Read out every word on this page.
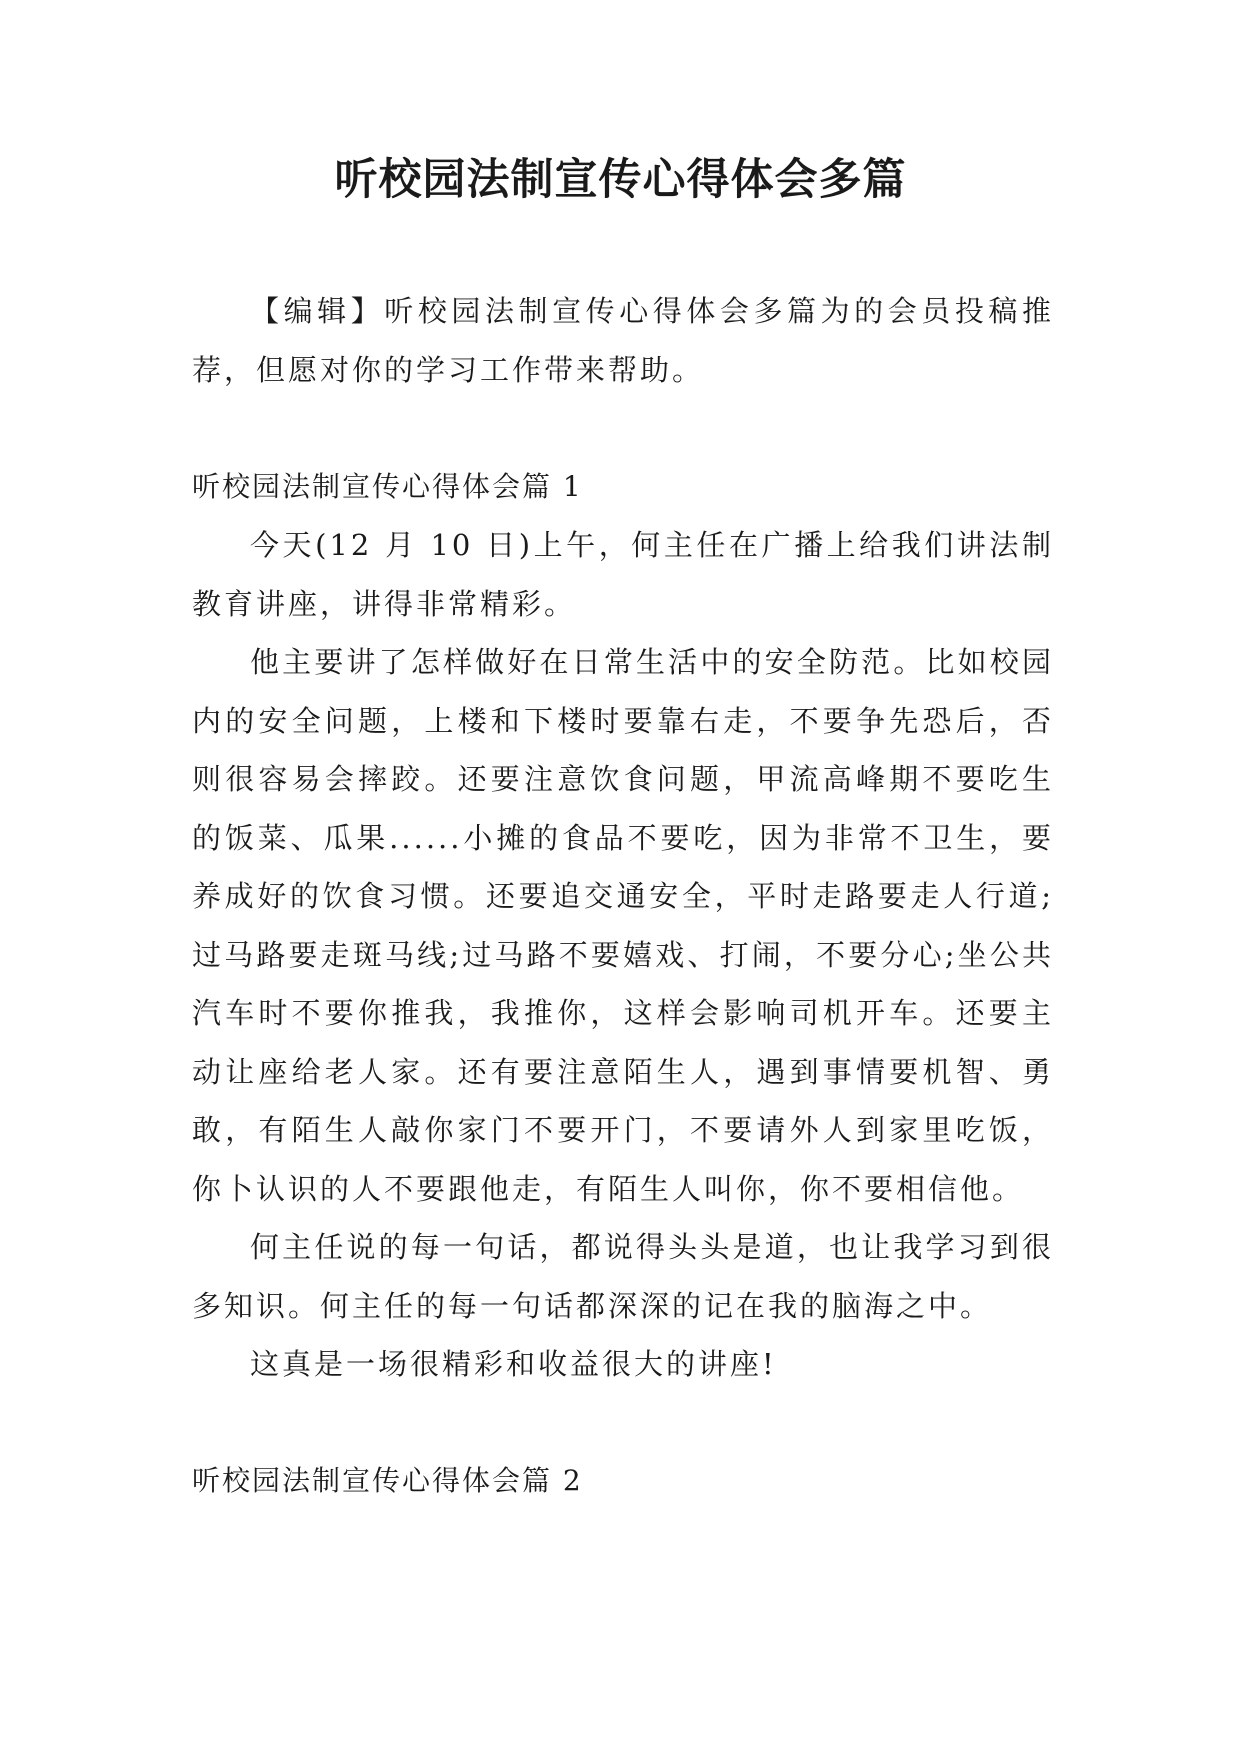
听校园法制宣传心得体会多篇

【编辑】听校园法制宣传心得体会多篇为的会员投稿推荐，但愿对你的学习工作带来帮助。

听校园法制宣传心得体会篇 1

今天(12 月 10 日)上午，何主任在广播上给我们讲法制教育讲座，讲得非常精彩。

他主要讲了怎样做好在日常生活中的安全防范。比如校园内的安全问题，上楼和下楼时要靠右走，不要争先恐后，否则很容易会摔跤。还要注意饮食问题，甲流高峰期不要吃生的饭菜、瓜果......小摊的食品不要吃，因为非常不卫生，要养成好的饮食习惯。还要追交通安全，平时走路要走人行道;过马路要走斑马线;过马路不要嬉戏、打闹，不要分心;坐公共汽车时不要你推我，我推你，这样会影响司机开车。还要主动让座给老人家。还有要注意陌生人，遇到事情要机智、勇敢，有陌生人敲你家门不要开门，不要请外人到家里吃饭，你卜认识的人不要跟他走，有陌生人叫你，你不要相信他。

何主任说的每一句话，都说得头头是道，也让我学习到很多知识。何主任的每一句话都深深的记在我的脑海之中。

这真是一场很精彩和收益很大的讲座!

听校园法制宣传心得体会篇 2
